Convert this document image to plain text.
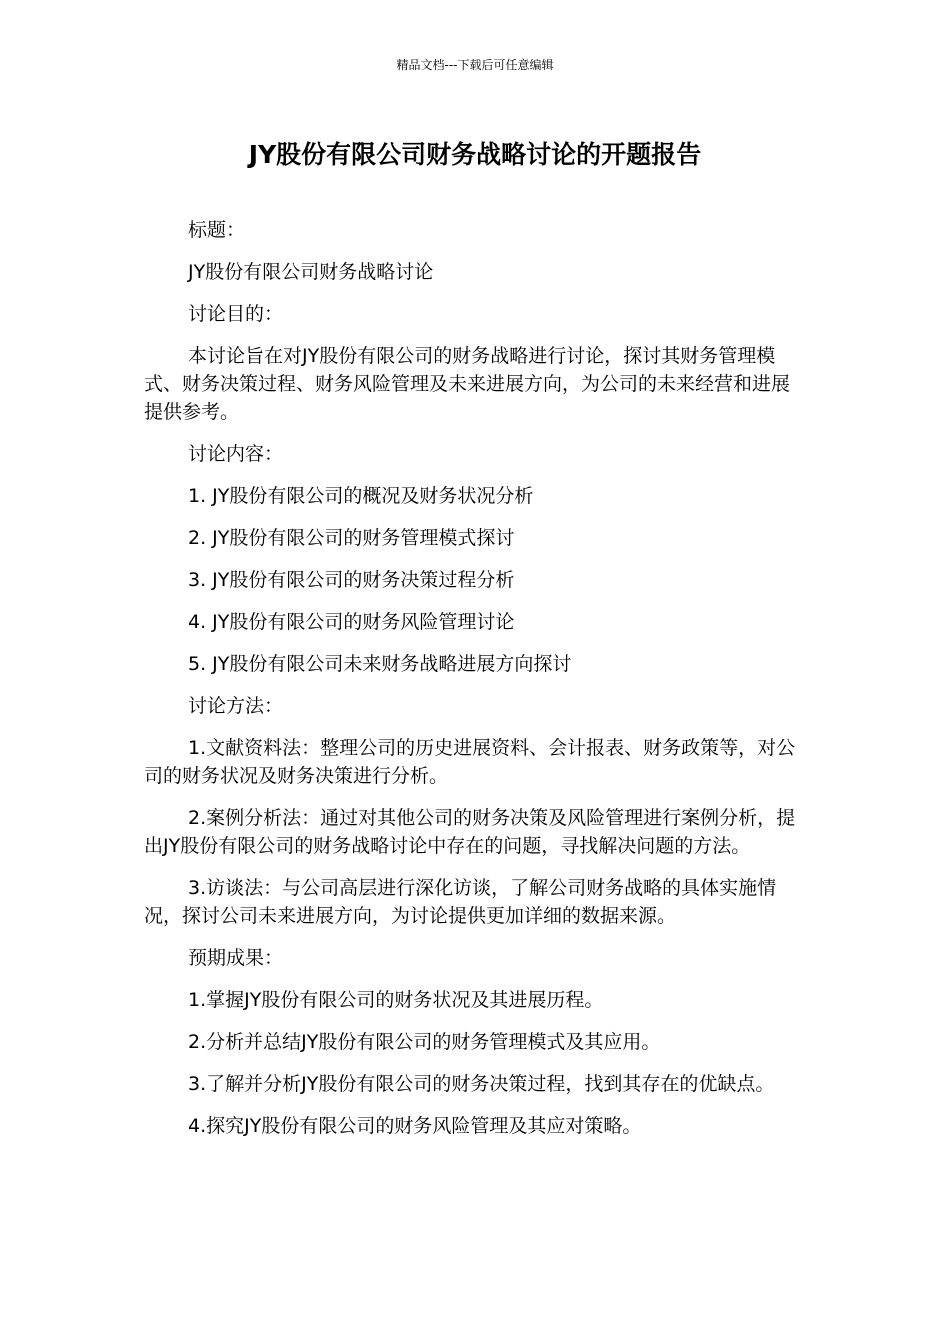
精品文档---下载后可任意编辑
JY股份有限公司财务战略讨论的开题报告

标题：

JY股份有限公司财务战略讨论

讨论目的：

本讨论旨在对JY股份有限公司的财务战略进行讨论，探讨其财务管理模式、财务决策过程、财务风险管理及未来进展方向，为公司的未来经营和进展提供参考。

讨论内容：

1. JY股份有限公司的概况及财务状况分析

2. JY股份有限公司的财务管理模式探讨

3. JY股份有限公司的财务决策过程分析

4. JY股份有限公司的财务风险管理讨论

5. JY股份有限公司未来财务战略进展方向探讨

讨论方法：

1.文献资料法：整理公司的历史进展资料、会计报表、财务政策等，对公司的财务状况及财务决策进行分析。

2.案例分析法：通过对其他公司的财务决策及风险管理进行案例分析，提出JY股份有限公司的财务战略讨论中存在的问题，寻找解决问题的方法。

3.访谈法：与公司高层进行深化访谈，了解公司财务战略的具体实施情况，探讨公司未来进展方向，为讨论提供更加详细的数据来源。

预期成果：

1.掌握JY股份有限公司的财务状况及其进展历程。

2.分析并总结JY股份有限公司的财务管理模式及其应用。

3.了解并分析JY股份有限公司的财务决策过程，找到其存在的优缺点。

4.探究JY股份有限公司的财务风险管理及其应对策略。
